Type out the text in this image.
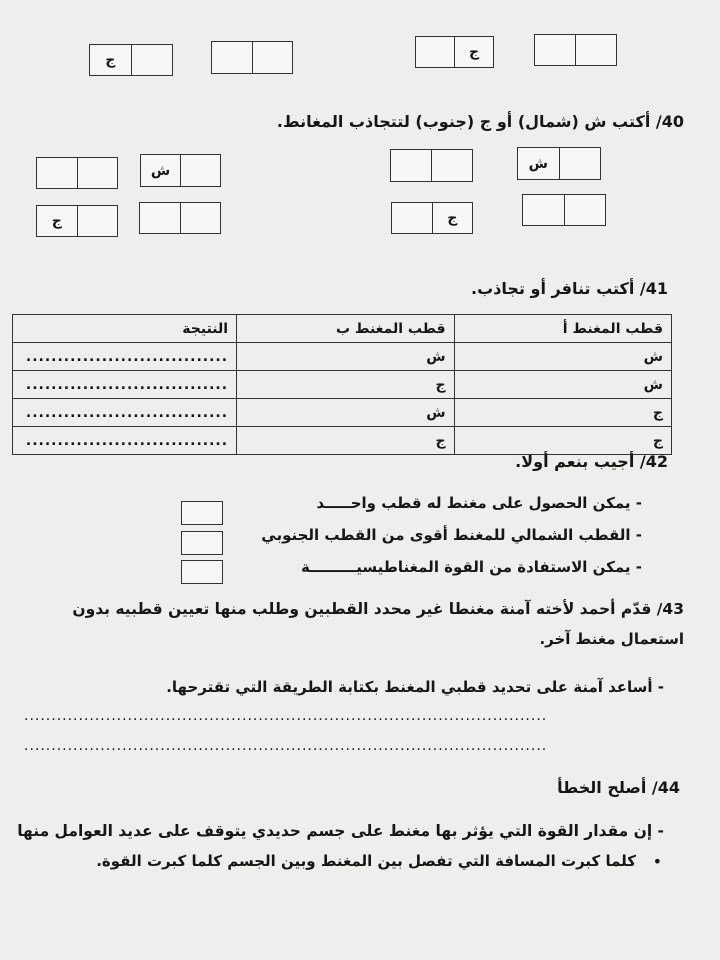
ج	ج
40/ أكتب ش (شمال) أو ج (جنوب) لتتجاذب المغانط.
ش	ش
ج	ج
41/ أكتب تنافر أو تجاذب.
قطب المغنط أ	قطب المغنط ب	النتيجة
ش	ش	................................
ش	ج	................................
ج	ش	................................
ج	ج	................................
42/ أجيب بنعم أولا.
- يمكن الحصول على مغنط له قطب واحـــــد
- القطب الشمالي للمغنط أقوى من القطب الجنوبي
- يمكن الاستفادة من القوة المغناطيسيـــــــــة
43/ قدّم أحمد لأخته آمنة مغنطا غير محدد القطبين وطلب منها تعيين قطبيه بدون
استعمال مغنط آخر.
- أساعد آمنة على تحديد قطبي المغنط بكتابة الطريقة التي تقترحها.
................................................................................................
................................................................................................
44/ أصلح الخطأ
- إن مقدار القوة التي يؤثر بها مغنط على جسم حديدي يتوقف على عديد العوامل منها
•
كلما كبرت المسافة التي تفصل بين المغنط وبين الجسم كلما كبرت القوة.
